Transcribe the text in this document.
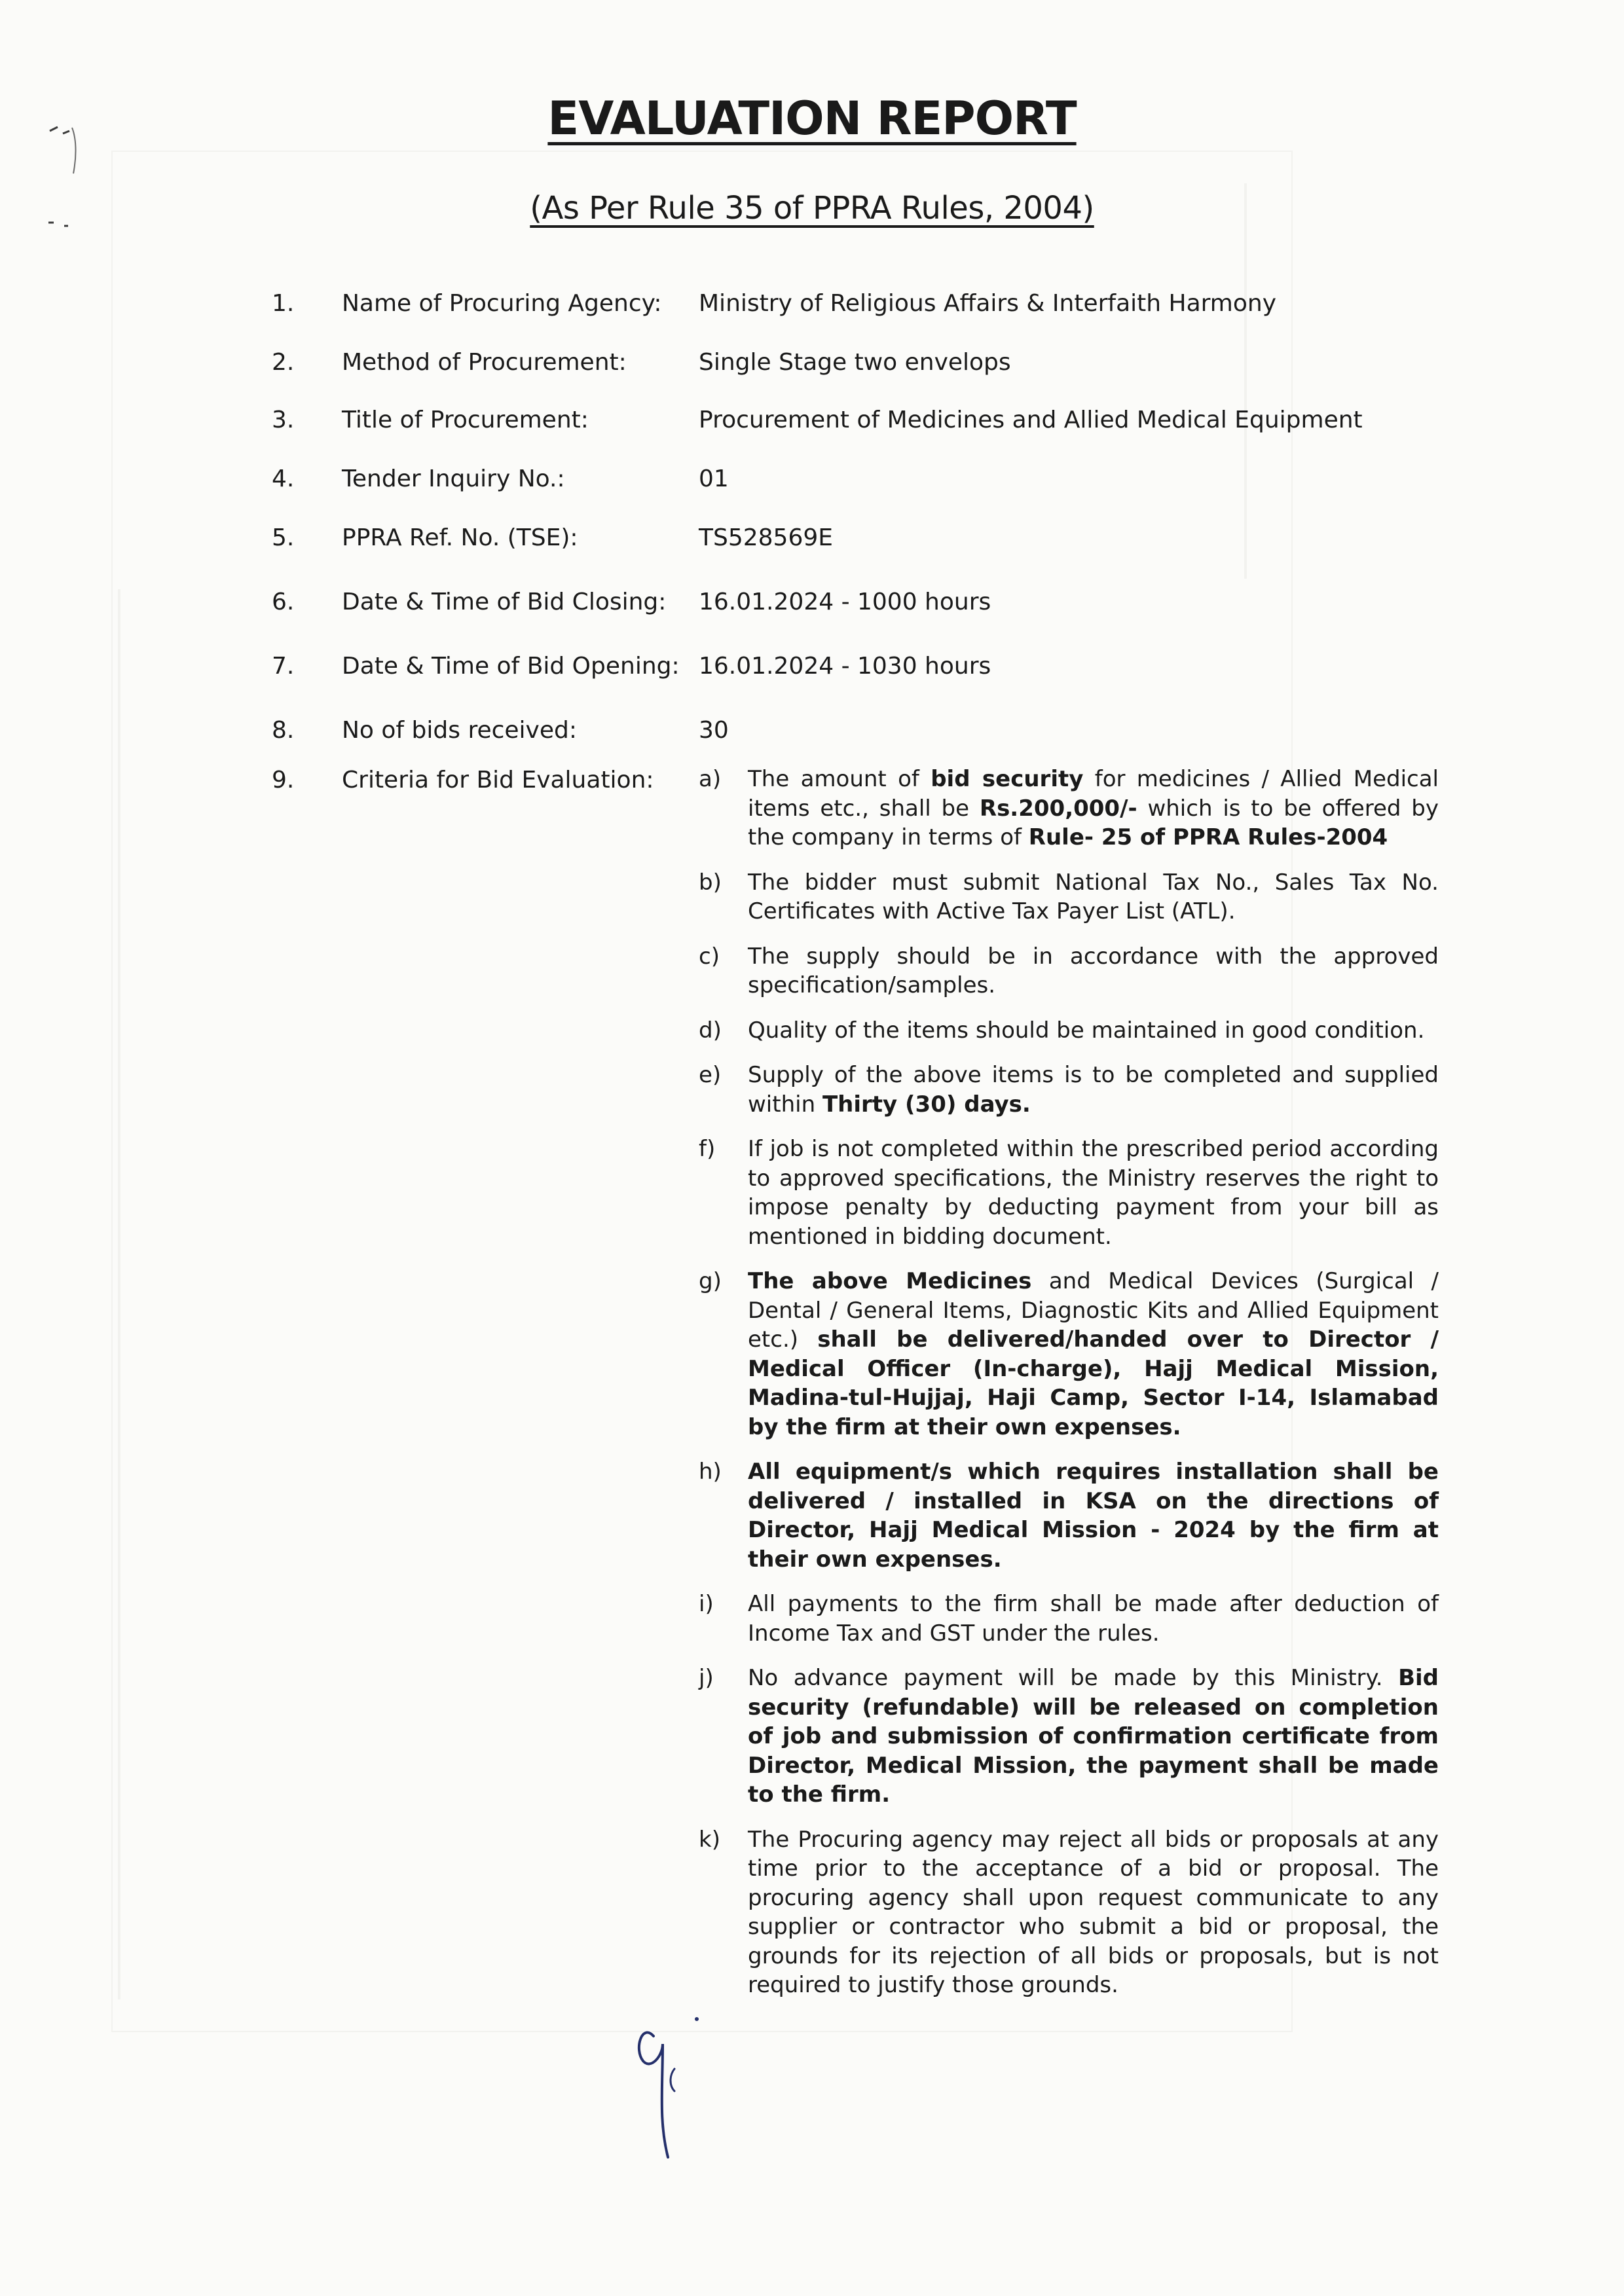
EVALUATION REPORT
(As Per Rule 35 of PPRA Rules, 2004)
1. Name of Procuring Agency: Ministry of Religious Affairs & Interfaith Harmony
2. Method of Procurement:	Single Stage two envelops
3. Title of Procurement:	Procurement of Medicines and Allied Medical Equipment
4. Tender Inquiry No.:	01
5. PPRA Ref. No. (TSE):	TS528569E
6. Date & Time of Bid Closing: 16.01.2024 - 1000 hours
7. Date & Time of Bid Opening: 16.01.2024 - 1030 hours
8. No of bids received:	30
9. Criteria for Bid Evaluation: a) The amount of bid security for medicines / Allied Medical items etc., shall be Rs.200,000/- which is to be offered by the company in terms of Rule- 25 of PPRA Rules-2004
b) The bidder must submit National Tax No., Sales Tax No. Certificates with Active Tax Payer List (ATL).
c) The supply should be in accordance with the approved specification/samples.
d) Quality of the items should be maintained in good condition.
e) Supply of the above items is to be completed and supplied within Thirty (30) days.
f) If job is not completed within the prescribed period according to approved specifications, the Ministry reserves the right to impose penalty by deducting payment from your bill as mentioned in bidding document.
g) The above Medicines and Medical Devices (Surgical / Dental / General Items, Diagnostic Kits and Allied Equipment etc.) shall be delivered/handed over to Director / Medical Officer (In-charge), Hajj Medical Mission, Madina-tul-Hujjaj, Haji Camp, Sector I-14, Islamabad by the firm at their own expenses.
h) All equipment/s which requires installation shall be delivered / installed in KSA on the directions of Director, Hajj Medical Mission - 2024 by the firm at their own expenses.
i) All payments to the firm shall be made after deduction of Income Tax and GST under the rules.
j) No advance payment will be made by this Ministry. Bid security (refundable) will be released on completion of job and submission of confirmation certificate from Director, Medical Mission, the payment shall be made to the firm.
k) The Procuring agency may reject all bids or proposals at any time prior to the acceptance of a bid or proposal. The procuring agency shall upon request communicate to any supplier or contractor who submit a bid or proposal, the grounds for its rejection of all bids or proposals, but is not required to justify those grounds.
